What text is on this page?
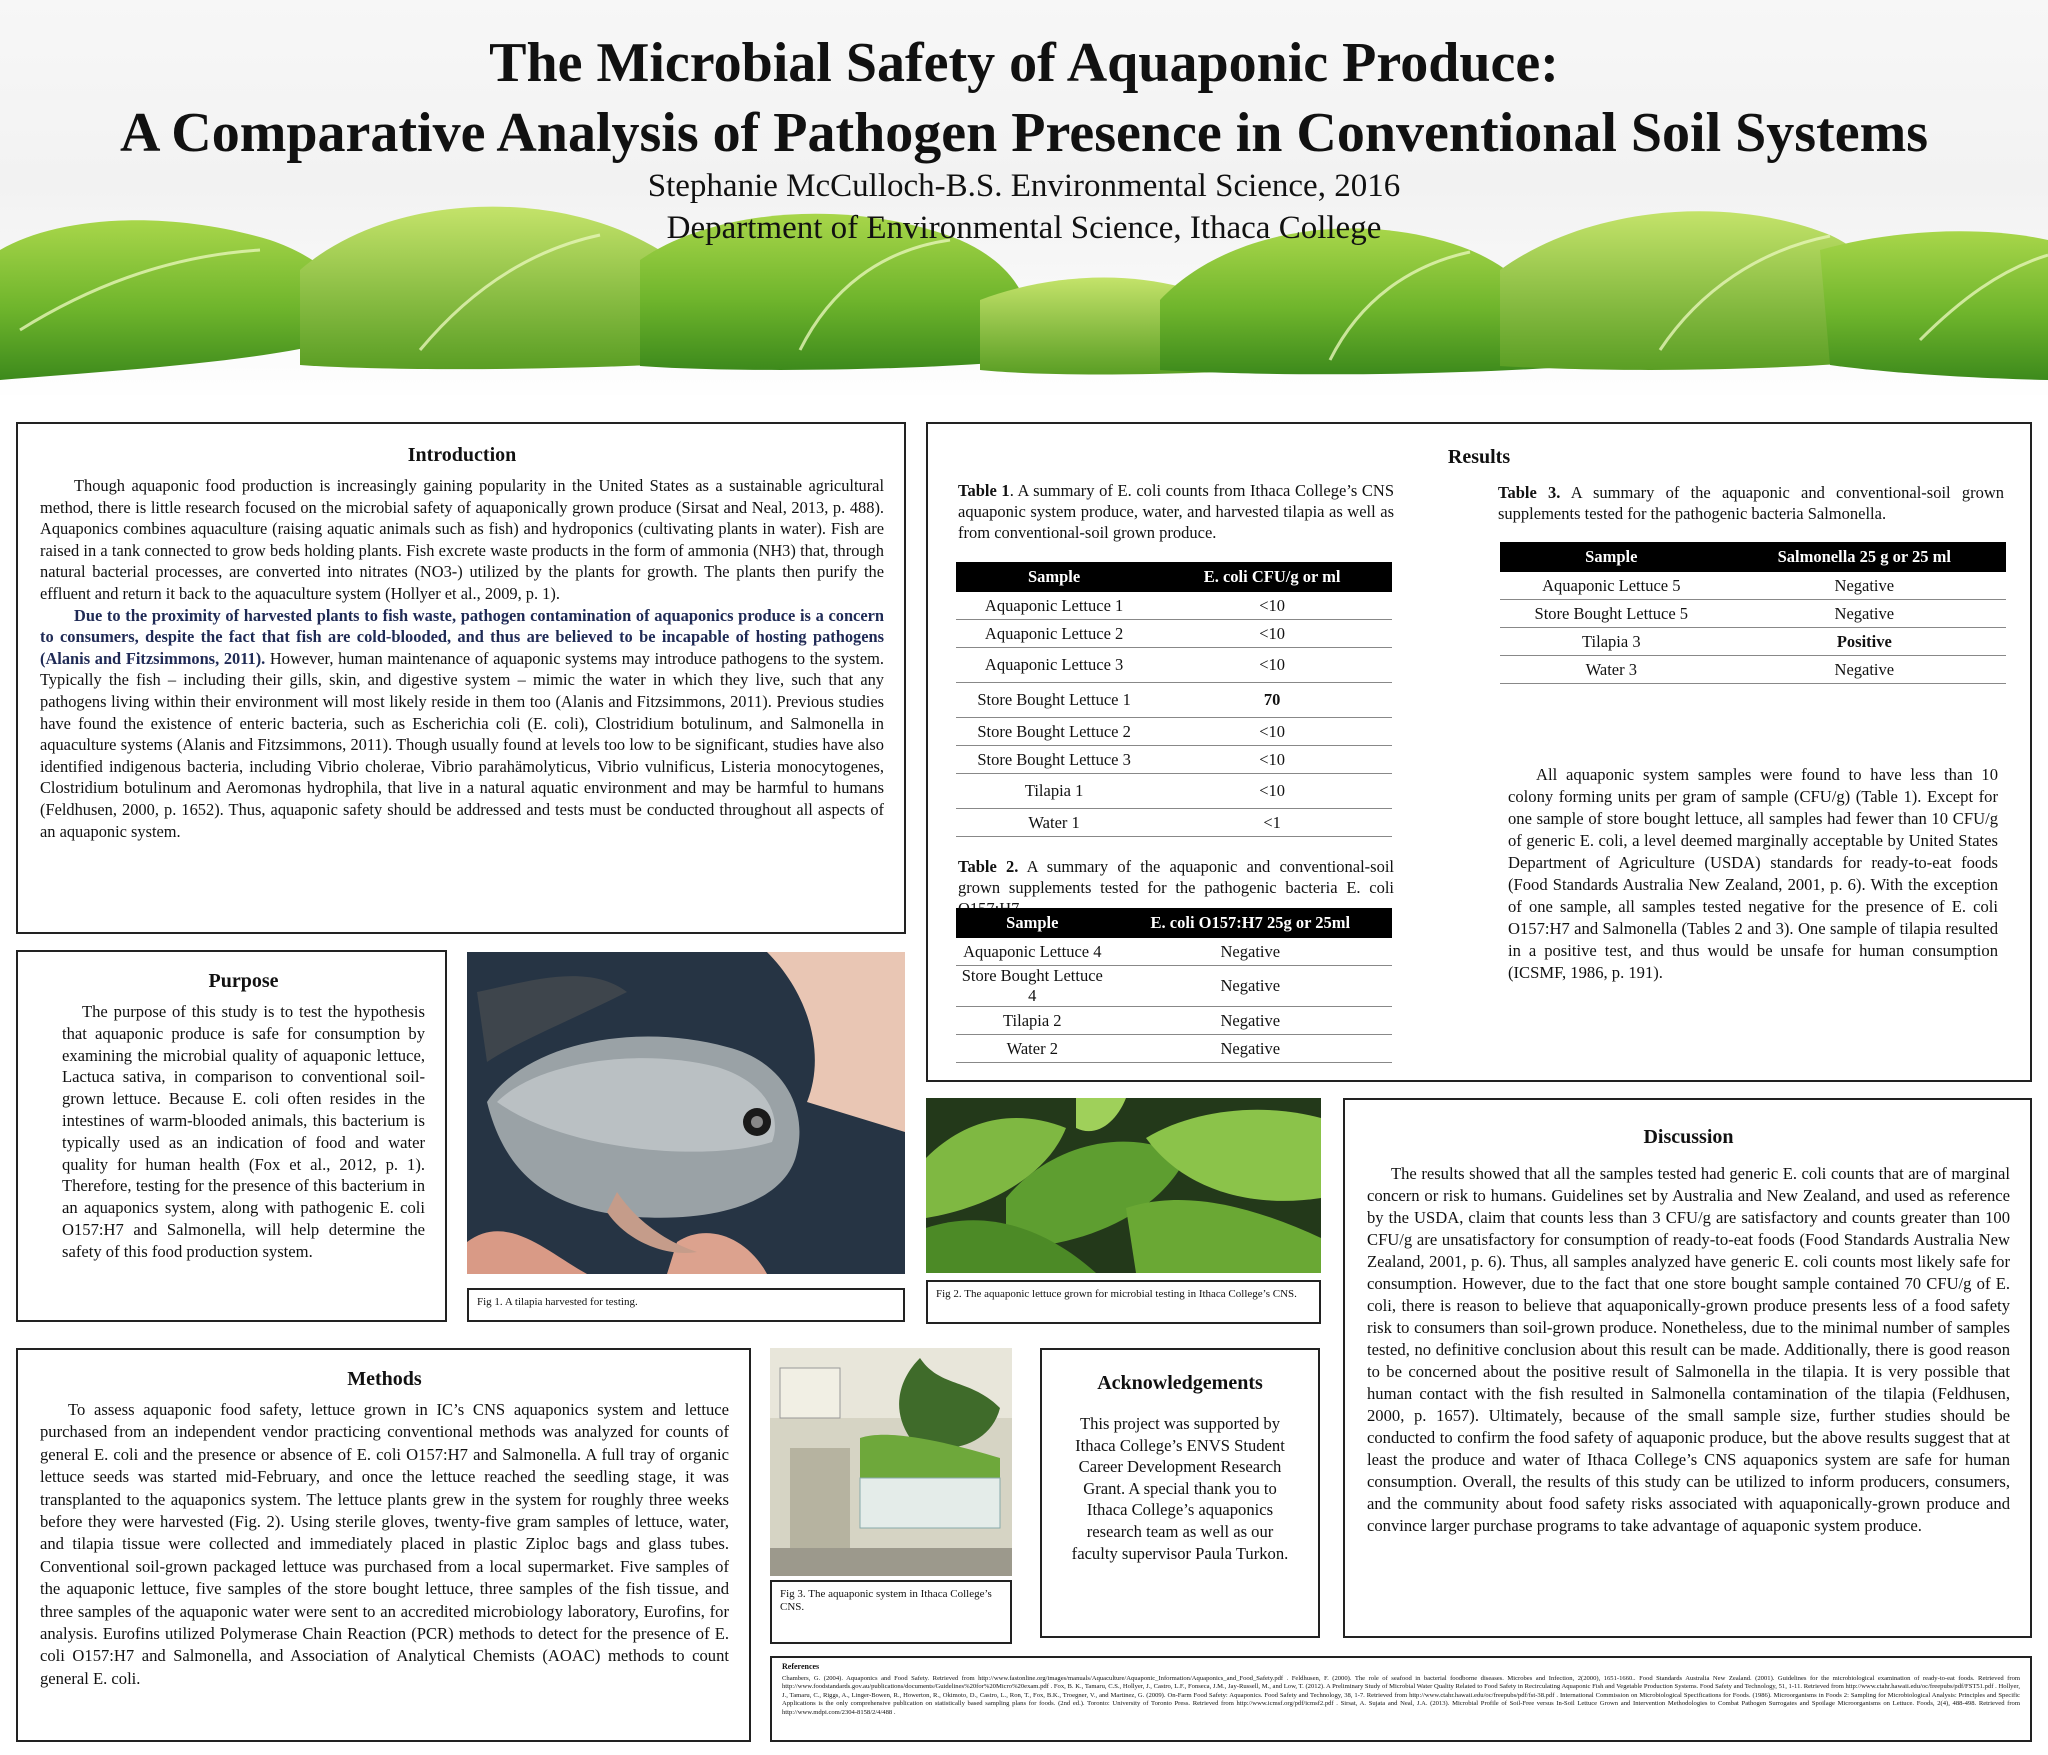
The Microbial Safety of Aquaponic Produce:
A Comparative Analysis of Pathogen Presence in Conventional Soil Systems
Stephanie McCulloch-B.S. Environmental Science, 2016
Department of Environmental Science, Ithaca College
Introduction

Though aquaponic food production is increasingly gaining popularity in the United States as a sustainable agricultural method, there is little research focused on the microbial safety of aquaponically grown produce (Sirsat and Neal, 2013, p. 488). Aquaponics combines aquaculture (raising aquatic animals such as fish) and hydroponics (cultivating plants in water). Fish are raised in a tank connected to grow beds holding plants. Fish excrete waste products in the form of ammonia (NH3) that, through natural bacterial processes, are converted into nitrates (NO3-) utilized by the plants for growth. The plants then purify the effluent and return it back to the aquaculture system (Hollyer et al., 2009, p. 1).

Due to the proximity of harvested plants to fish waste, pathogen contamination of aquaponics produce is a concern to consumers, despite the fact that fish are cold-blooded, and thus are believed to be incapable of hosting pathogens (Alanis and Fitzsimmons, 2011). However, human maintenance of aquaponic systems may introduce pathogens to the system. Typically the fish – including their gills, skin, and digestive system – mimic the water in which they live, such that any pathogens living within their environment will most likely reside in them too (Alanis and Fitzsimmons, 2011). Previous studies have found the existence of enteric bacteria, such as Escherichia coli (E. coli), Clostridium botulinum, and Salmonella in aquaculture systems (Alanis and Fitzsimmons, 2011). Though usually found at levels too low to be significant, studies have also identified indigenous bacteria, including Vibrio cholerae, Vibrio parahämolyticus, Vibrio vulnificus, Listeria monocytogenes, Clostridium botulinum and Aeromonas hydrophila, that live in a natural aquatic environment and may be harmful to humans (Feldhusen, 2000, p. 1652). Thus, aquaponic safety should be addressed and tests must be conducted throughout all aspects of an aquaponic system.

Purpose

The purpose of this study is to test the hypothesis that aquaponic produce is safe for consumption by examining the microbial quality of aquaponic lettuce, Lactuca sativa, in comparison to conventional soil-grown lettuce. Because E. coli often resides in the intestines of warm-blooded animals, this bacterium is typically used as an indication of food and water quality for human health (Fox et al., 2012, p. 1). Therefore, testing for the presence of this bacterium in an aquaponics system, along with pathogenic E. coli O157:H7 and Salmonella, will help determine the safety of this food production system.

Fig 1. A tilapia harvested for testing.
Methods

To assess aquaponic food safety, lettuce grown in IC’s CNS aquaponics system and lettuce purchased from an independent vendor practicing conventional methods was analyzed for counts of general E. coli and the presence or absence of E. coli O157:H7 and Salmonella. A full tray of organic lettuce seeds was started mid-February, and once the lettuce reached the seedling stage, it was transplanted to the aquaponics system. The lettuce plants grew in the system for roughly three weeks before they were harvested (Fig. 2). Using sterile gloves, twenty-five gram samples of lettuce, water, and tilapia tissue were collected and immediately placed in plastic Ziploc bags and glass tubes. Conventional soil-grown packaged lettuce was purchased from a local supermarket. Five samples of the aquaponic lettuce, five samples of the store bought lettuce, three samples of the fish tissue, and three samples of the aquaponic water were sent to an accredited microbiology laboratory, Eurofins, for analysis. Eurofins utilized Polymerase Chain Reaction (PCR) methods to detect for the presence of E. coli O157:H7 and Salmonella, and Association of Analytical Chemists (AOAC) methods to count general E. coli.

Fig 3. The aquaponic system in Ithaca College’s CNS.
Acknowledgements
This project was supported by Ithaca College’s ENVS Student Career Development Research Grant. A special thank you to Ithaca College’s aquaponics research team as well as our faculty supervisor Paula Turkon.
Results
Table 1. A summary of E. coli counts from Ithaca College’s CNS aquaponic system produce, water, and harvested tilapia as well as from conventional-soil grown produce.
Sample	E. coli CFU/g or ml
Aquaponic Lettuce 1	<10
Aquaponic Lettuce 2	<10
Aquaponic Lettuce 3	<10
Store Bought Lettuce 1	70
Store Bought Lettuce 2	<10
Store Bought Lettuce 3	<10
Tilapia 1	<10
Water 1	<1
Table 2. A summary of the aquaponic and conventional-soil grown supplements tested for the pathogenic bacteria E. coli
Sample	E. coli O157:H7 25g or 25ml
Aquaponic Lettuce 4	Negative
Store Bought Lettuce 4	Negative
Tilapia 2	Negative
Water 2	Negative
Table 3. A summary of the aquaponic and conventional-soil grown supplements tested for the pathogenic bacteria Salmonella.
Sample	Salmonella 25 g or 25 ml
Aquaponic Lettuce 5	Negative
Store Bought Lettuce 5	Negative
Tilapia 3	Positive
Water 3	Negative

All aquaponic system samples were found to have less than 10 colony forming units per gram of sample (CFU/g) (Table 1). Except for one sample of store bought lettuce, all samples had fewer than 10 CFU/g of generic E. coli, a level deemed marginally acceptable by United States Department of Agriculture (USDA) standards for ready-to-eat foods (Food Standards Australia New Zealand, 2001, p. 6). With the exception of one sample, all samples tested negative for the presence of E. coli O157:H7 and Salmonella (Tables 2 and 3). One sample of tilapia resulted in a positive test, and thus would be unsafe for human consumption (ICSMF, 1986, p. 191).

Fig 2. The aquaponic lettuce grown for microbial testing in Ithaca College’s CNS.
Discussion

The results showed that all the samples tested had generic E. coli counts that are of marginal concern or risk to humans. Guidelines set by Australia and New Zealand, and used as reference by the USDA, claim that counts less than 3 CFU/g are satisfactory and counts greater than 100 CFU/g are unsatisfactory for consumption of ready-to-eat foods (Food Standards Australia New Zealand, 2001, p. 6). Thus, all samples analyzed have generic E. coli counts most likely safe for consumption. However, due to the fact that one store bought sample contained 70 CFU/g of E. coli, there is reason to believe that aquaponically-grown produce presents less of a food safety risk to consumers than soil-grown produce. Nonetheless, due to the minimal number of samples tested, no definitive conclusion about this result can be made. Additionally, there is good reason to be concerned about the positive result of Salmonella in the tilapia. It is very possible that human contact with the fish resulted in Salmonella contamination of the tilapia (Feldhusen, 2000, p. 1657). Ultimately, because of the small sample size, further studies should be conducted to confirm the food safety of aquaponic produce, but the above results suggest that at least the produce and water of Ithaca College’s CNS aquaponics system are safe for human consumption. Overall, the results of this study can be utilized to inform producers, consumers, and the community about food safety risks associated with aquaponically-grown produce and convince larger purchase programs to take advantage of aquaponic system produce.

References
Chambers, G. (2004). Aquaponics and Food Safety. Retrieved from http://www.fastonline.org/images/manuals/Aquaculture/Aquaponic_Information/Aquaponics_and_Food_Safety.pdf . Feldhusen, F. (2000). The role of seafood in bacterial foodborne diseases. Microbes and Infection, 2(2000), 1651-1660.. Food Standards Australia New Zealand. (2001). Guidelines for the microbiological examination of ready-to-eat foods. Retrieved from http://www.foodstandards.gov.au/publications/documents/Guidelines%20for%20Micro%20exam.pdf . Fox, B. K., Tamaru, C.S., Hollyer, J., Castro, L.F., Fonseca, J.M., Jay-Russell, M., and Low, T. (2012). A Preliminary Study of Microbial Water Quality Related to Food Safety in Recirculating Aquaponic Fish and Vegetable Production Systems. Food Safety and Technology, 51, 1-11. Retrieved from http://www.ctahr.hawaii.edu/oc/freepubs/pdf/FST51.pdf . Hollyer, J., Tamaru, C., Riggs, A., Linger-Bowen, R., Howerton, R., Okimoto, D., Castro, L., Ron, T., Fox, B.K., Troegner, V., and Martinez, G. (2009). On-Farm Food Safety: Aquaponics. Food Safety and Technology, 38, 1-7. Retrieved from http://www.ctahr.hawaii.edu/oc/freepubs/pdf/fst-38.pdf . International Commission on Microbiological Specifications for Foods. (1986). Microorganisms in Foods 2: Sampling for Microbiological Analysis: Principles and Specific Applications is the only comprehensive publication on statistically based sampling plans for foods. (2nd ed.). Toronto: University of Toronto Press. Retrieved from http://www.icmsf.org/pdf/icmsf2.pdf . Sirsat, A. Sujata and Neal, J.A. (2013). Microbial Profile of Soil-Free versus In-Soil Lettuce Grown and Intervention Methodologies to Combat Pathogen Surrogates and Spoilage Microorganisms on Lettuce. Foods, 2(4), 488-498. Retrieved from http://www.mdpi.com/2304-8158/2/4/488 .
